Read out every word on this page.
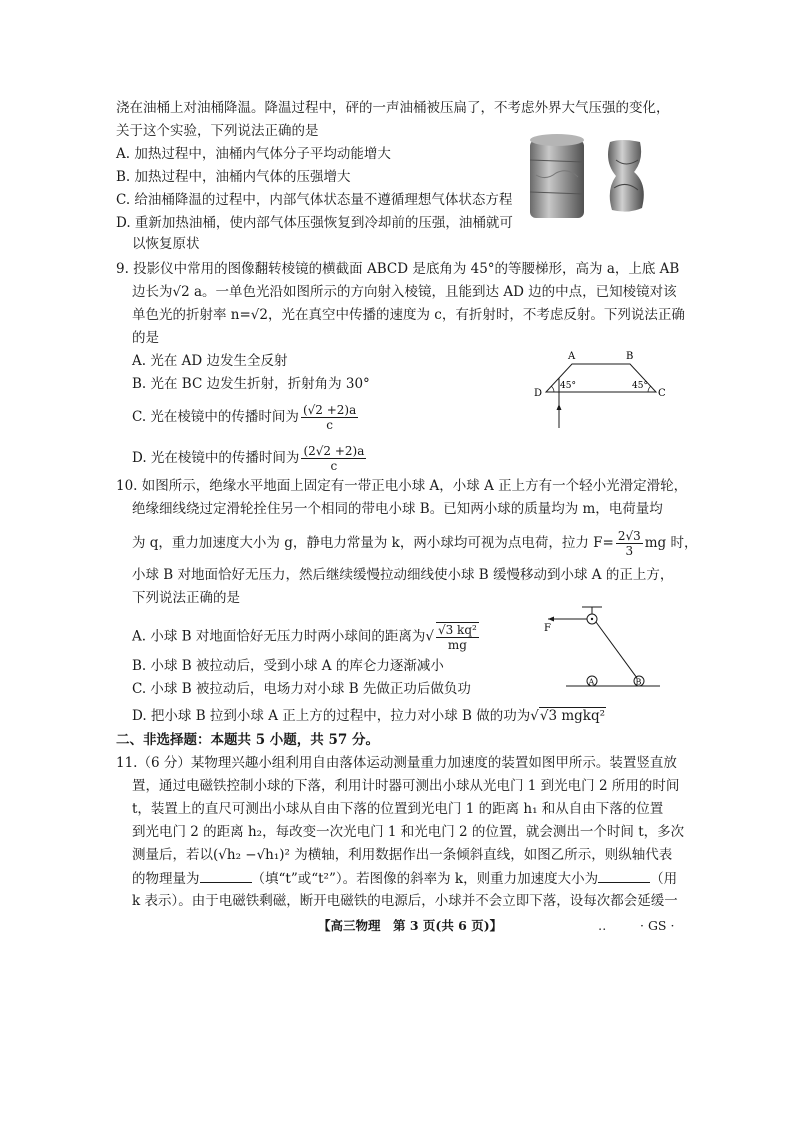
浇在油桶上对油桶降温。降温过程中，砰的一声油桶被压扁了，不考虑外界大气压强的变化，
关于这个实验，下列说法正确的是
A. 加热过程中，油桶内气体分子平均动能增大
B. 加热过程中，油桶内气体的压强增大
C. 给油桶降温的过程中，内部气体状态量不遵循理想气体状态方程
D. 重新加热油桶，使内部气体压强恢复到冷却前的压强，油桶就可
以恢复原状
9. 投影仪中常用的图像翻转棱镜的横截面 ABCD 是底角为 45°的等腰梯形，高为 a，上底 AB
边长为√2 a。一单色光沿如图所示的方向射入棱镜，且能到达 AD 边的中点，已知棱镜对该
单色光的折射率 n=√2，光在真空中传播的速度为 c，有折射时，不考虑反射。下列说法正确
的是
A. 光在 AD 边发生全反射
B. 光在 BC 边发生折射，折射角为 30°
C. 光在棱镜中的传播时间为 $\frac{(√2 +2)a}{c}$
D. 光在棱镜中的传播时间为 $\frac{(2√2 +2)a}{c}$
A	B
C
D
45°	45°
10. 如图所示，绝缘水平地面上固定有一带正电小球 A，小球 A 正上方有一个轻小光滑定滑轮，
绝缘细线绕过定滑轮拴住另一个相同的带电小球 B。已知两小球的质量均为 m，电荷量均
为 q，重力加速度大小为 g，静电力常量为 k，两小球均可视为点电荷，拉力 $F= \frac{2√3}{3}$ mg 时，
小球 B 对地面恰好无压力，然后继续缓慢拉动细线使小球 B 缓慢移动到小球 A 的正上方，
下列说法正确的是
A. 小球 B 对地面恰好无压力时两小球间的距离为√ $\frac{\text{√3 kq²}}{mg}$
B. 小球 B 被拉动后，受到小球 A 的库仑力逐渐减小
C. 小球 B 被拉动后，电场力对小球 B 先做正功后做负功
D. 把小球 B 拉到小球 A 正上方的过程中，拉力对小球 B 做的功为√√3 mgkq²
F
A	B
二、非选择题：本题共 5 小题，共 57 分。
11.（6 分）某物理兴趣小组利用自由落体运动测量重力加速度的装置如图甲所示。装置竖直放
置，通过电磁铁控制小球的下落，利用计时器可测出小球从光电门 1 到光电门 2 所用的时间
t，装置上的直尺可测出小球从自由下落的位置到光电门 1 的距离 h₁ 和从自由下落的位置
到光电门 2 的距离 h₂，每改变一次光电门 1 和光电门 2 的位置，就会测出一个时间 t，多次
测量后，若以(√h₂ −√h₁)² 为横轴，利用数据作出一条倾斜直线，如图乙所示，则纵轴代表
的物理量为	（填“t”或“t²”）。若图像的斜率为 k，则重力加速度大小为	（用
k 表示）。由于电磁铁剩磁，断开电磁铁的电源后，小球并不会立即下落，设每次都会延缓一
【高三物理　第 3 页(共 6 页)】	‥	· GS ·
